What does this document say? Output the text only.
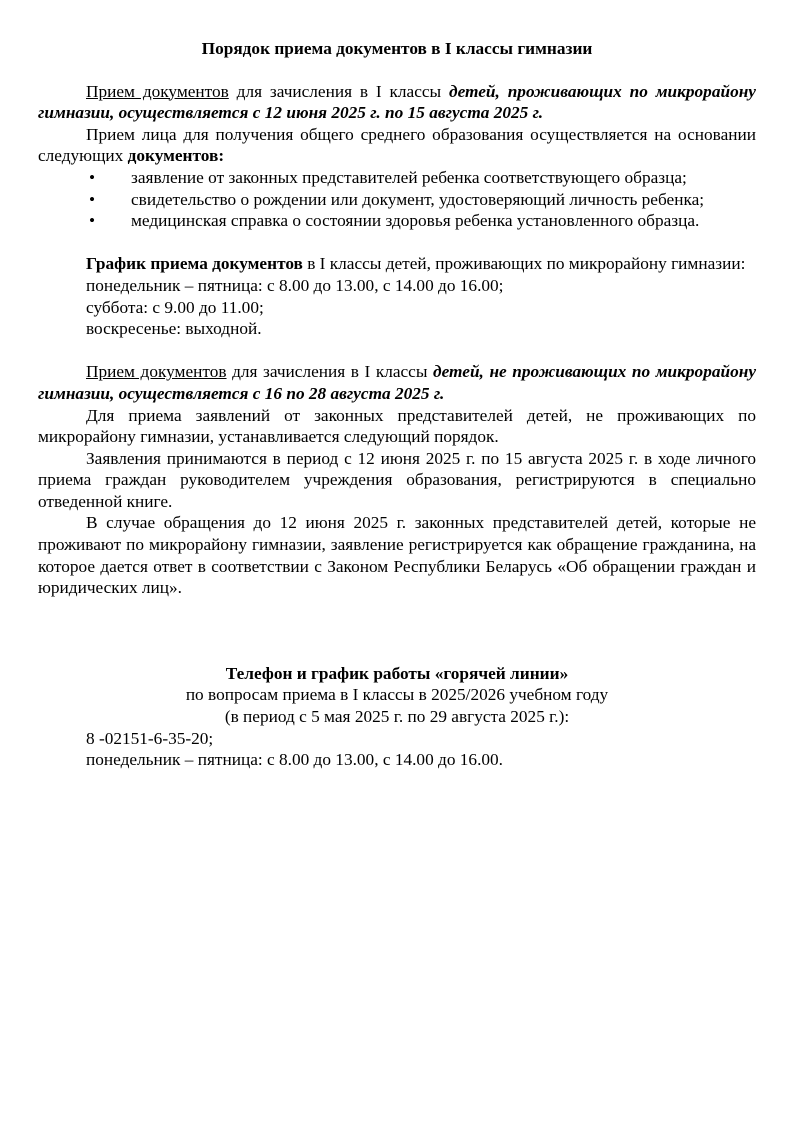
Порядок приема документов в I классы гимназии

Прием документов для зачисления в I классы детей, проживающих по микрорайону гимназии, осуществляется с 12 июня 2025 г. по 15 августа 2025 г.

Прием лица для получения общего среднего образования осуществляется на основании следующих документов:

• заявление от законных представителей ребенка соответствующего образца;
• свидетельство о рождении или документ, удостоверяющий личность ребенка;
• медицинская справка о состоянии здоровья ребенка установленного образца.

График приема документов в I классы детей, проживающих по микрорайону гимназии:

понедельник – пятница: с 8.00 до 13.00, с 14.00 до 16.00;
суббота: с 9.00 до 11.00;
воскресенье: выходной.

Прием документов для зачисления в I классы детей, не проживающих по микрорайону гимназии, осуществляется с 16 по 28 августа 2025 г.

Для приема заявлений от законных представителей детей, не проживающих по микрорайону гимназии, устанавливается следующий порядок.

Заявления принимаются в период с 12 июня 2025 г. по 15 августа 2025 г. в ходе личного приема граждан руководителем учреждения образования, регистрируются в специально отведенной книге.

В случае обращения до 12 июня 2025 г. законных представителей детей, которые не проживают по микрорайону гимназии, заявление регистрируется как обращение гражданина, на которое дается ответ в соответствии с Законом Республики Беларусь «Об обращении граждан и юридических лиц».

Телефон и график работы «горячей линии»

по вопросам приема в I классы в 2025/2026 учебном году

(в период с 5 мая 2025 г. по 29 августа 2025 г.):

8 -02151-6-35-20;

понедельник – пятница: с 8.00 до 13.00, с 14.00 до 16.00.
